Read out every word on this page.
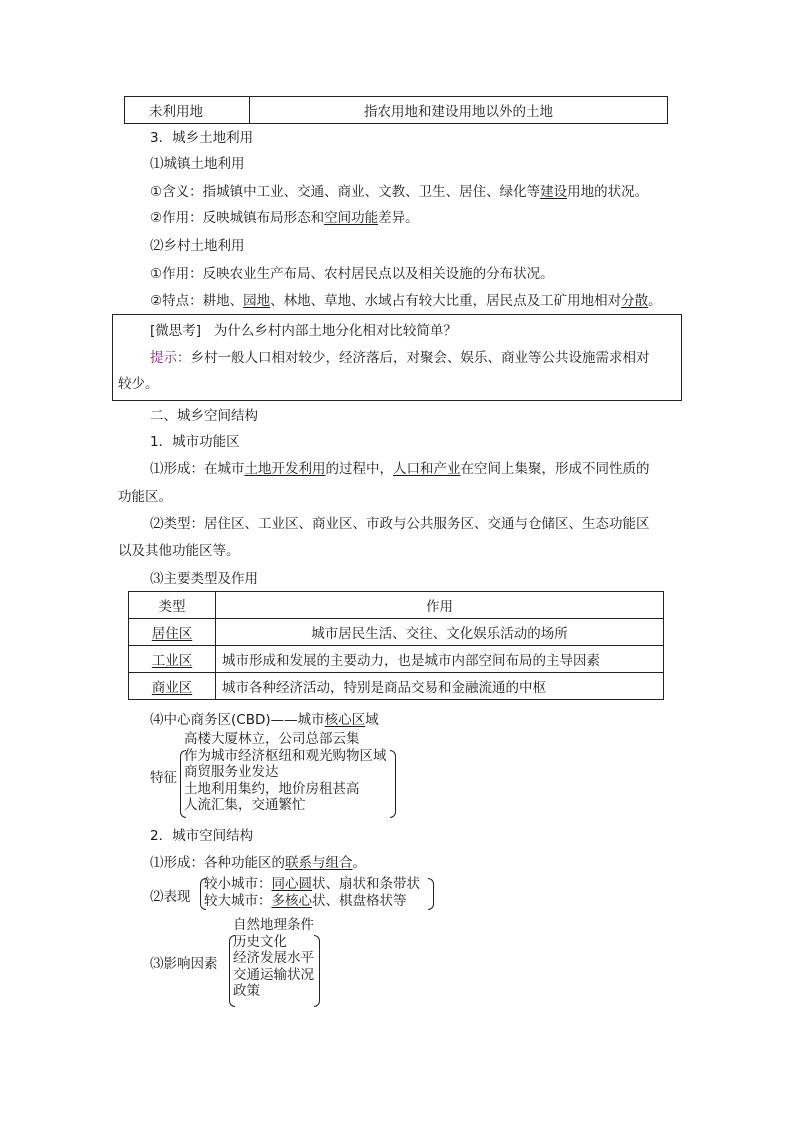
未利用地	指农用地和建设用地以外的土地
3．城乡土地利用
⑴城镇土地利用
①含义：指城镇中工业、交通、商业、文教、卫生、居住、绿化等建设用地的状况。
②作用：反映城镇布局形态和空间功能差异。
⑵乡村土地利用
①作用：反映农业生产布局、农村居民点以及相关设施的分布状况。
②特点：耕地、园地、林地、草地、水域占有较大比重，居民点及工矿用地相对分散。
[微思考] 为什么乡村内部土地分化相对比较简单？
提示：乡村一般人口相对较少，经济落后，对聚会、娱乐、商业等公共设施需求相对
较少。
二、城乡空间结构
1．城市功能区
⑴形成：在城市土地开发利用的过程中，人口和产业在空间上集聚，形成不同性质的
功能区。
⑵类型：居住区、工业区、商业区、市政与公共服务区、交通与仓储区、生态功能区
以及其他功能区等。
⑶主要类型及作用
类型	作用
居住区	城市居民生活、交往、文化娱乐活动的场所
工业区	城市形成和发展的主要动力，也是城市内部空间布局的主导因素
商业区	城市各种经济活动，特别是商品交易和金融流通的中枢
⑷中心商务区(CBD)——城市核心区域
特征
高楼大厦林立，公司总部云集
作为城市经济枢纽和观光购物区域
商贸服务业发达
土地利用集约，地价房租甚高
人流汇集，交通繁忙
2．城市空间结构
⑴形成：各种功能区的联系与组合。
⑵表现
较小城市：同心圆状、扇状和条带状
较大城市：多核心状、棋盘格状等
⑶影响因素
自然地理条件
历史文化
经济发展水平
交通运输状况
政策
